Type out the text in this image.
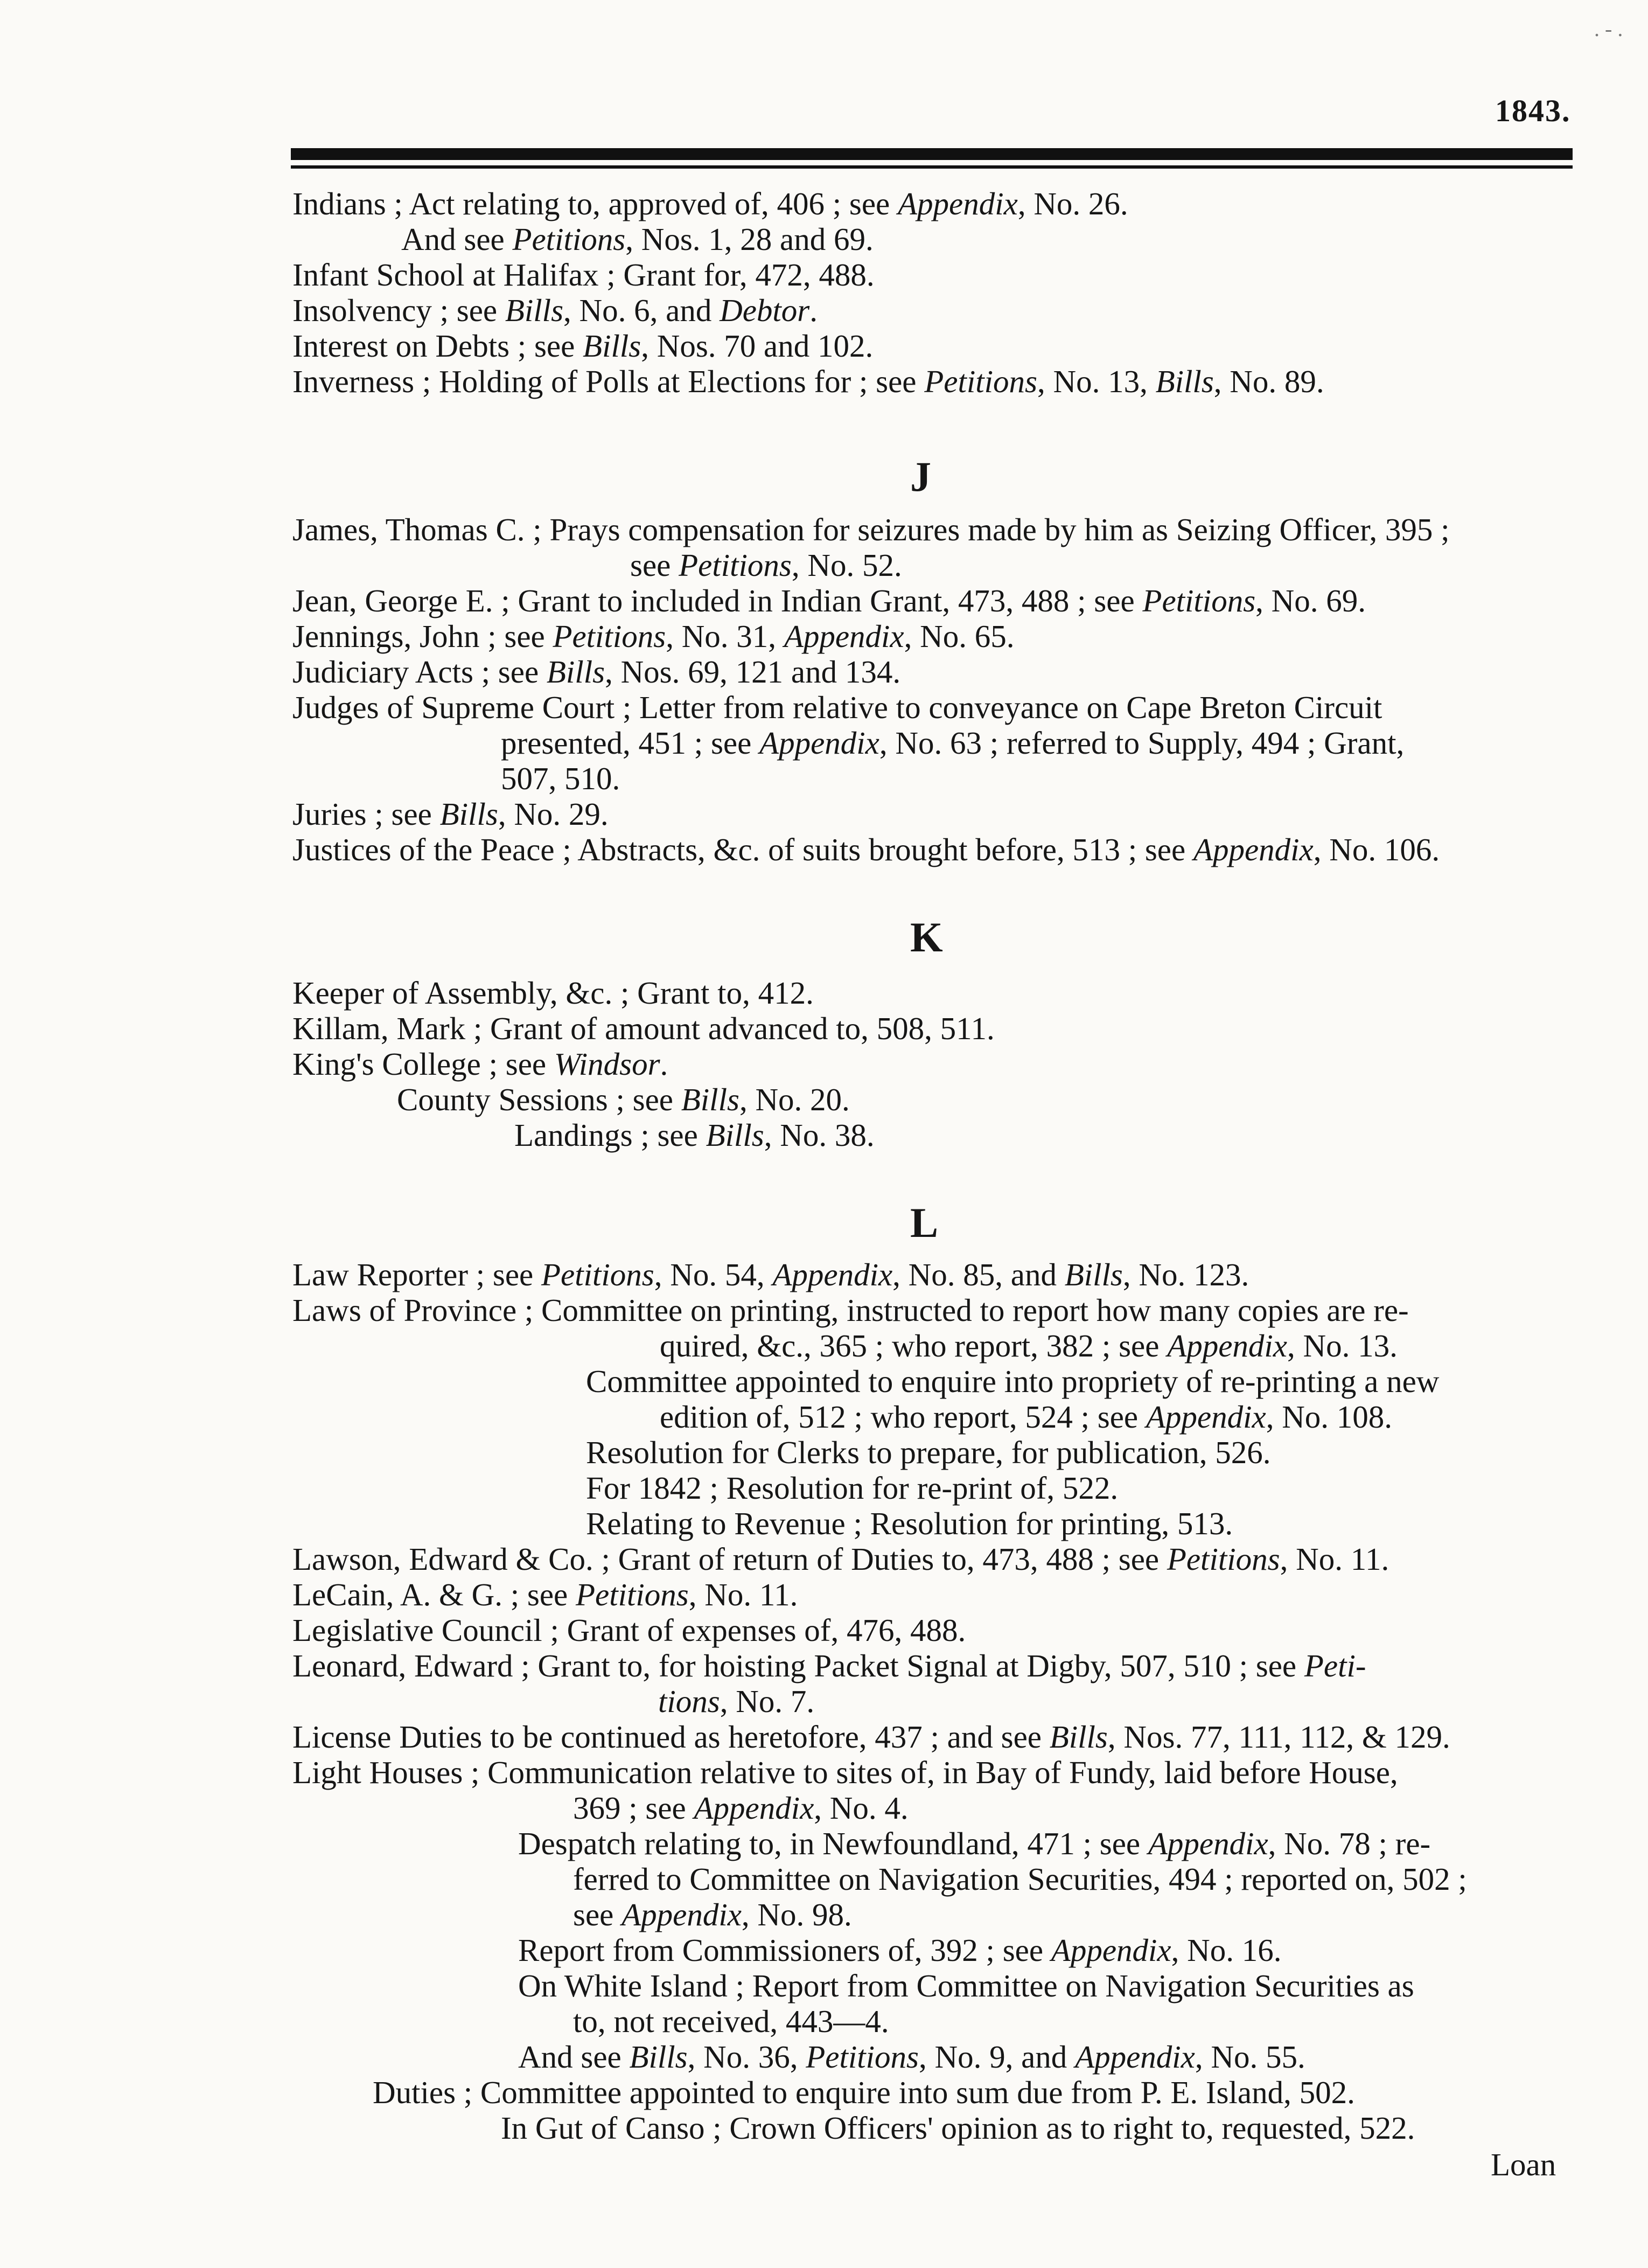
1843.
Indians ; Act relating to, approved of, 406 ; see Appendix, No. 26.
And see Petitions, Nos. 1, 28 and 69.
Infant School at Halifax ; Grant for, 472, 488.
Insolvency ; see Bills, No. 6, and Debtor.
Interest on Debts ; see Bills, Nos. 70 and 102.
Inverness ; Holding of Polls at Elections for ; see Petitions, No. 13, Bills, No. 89.
J
James, Thomas C. ; Prays compensation for seizures made by him as Seizing Officer, 395 ;
see Petitions, No. 52.
Jean, George E. ; Grant to included in Indian Grant, 473, 488 ; see Petitions, No. 69.
Jennings, John ; see Petitions, No. 31, Appendix, No. 65.
Judiciary Acts ; see Bills, Nos. 69, 121 and 134.
Judges of Supreme Court ; Letter from relative to conveyance on Cape Breton Circuit
presented, 451 ; see Appendix, No. 63 ; referred to Supply, 494 ; Grant,
507, 510.
Juries ; see Bills, No. 29.
Justices of the Peace ; Abstracts, &c. of suits brought before, 513 ; see Appendix, No. 106.
K
Keeper of Assembly, &c. ; Grant to, 412.
Killam, Mark ; Grant of amount advanced to, 508, 511.
King's College ; see Windsor.
County Sessions ; see Bills, No. 20.
Landings ; see Bills, No. 38.
L
Law Reporter ; see Petitions, No. 54, Appendix, No. 85, and Bills, No. 123.
Laws of Province ; Committee on printing, instructed to report how many copies are re-
quired, &c., 365 ; who report, 382 ; see Appendix, No. 13.
Committee appointed to enquire into propriety of re-printing a new
edition of, 512 ; who report, 524 ; see Appendix, No. 108.
Resolution for Clerks to prepare, for publication, 526.
For 1842 ; Resolution for re-print of, 522.
Relating to Revenue ; Resolution for printing, 513.
Lawson, Edward & Co. ; Grant of return of Duties to, 473, 488 ; see Petitions, No. 11.
LeCain, A. & G. ; see Petitions, No. 11.
Legislative Council ; Grant of expenses of, 476, 488.
Leonard, Edward ; Grant to, for hoisting Packet Signal at Digby, 507, 510 ; see Peti-
tions, No. 7.
License Duties to be continued as heretofore, 437 ; and see Bills, Nos. 77, 111, 112, & 129.
Light Houses ; Communication relative to sites of, in Bay of Fundy, laid before House,
369 ; see Appendix, No. 4.
Despatch relating to, in Newfoundland, 471 ; see Appendix, No. 78 ; re-
ferred to Committee on Navigation Securities, 494 ; reported on, 502 ;
see Appendix, No. 98.
Report from Commissioners of, 392 ; see Appendix, No. 16.
On White Island ; Report from Committee on Navigation Securities as
to, not received, 443—4.
And see Bills, No. 36, Petitions, No. 9, and Appendix, No. 55.
Duties ; Committee appointed to enquire into sum due from P. E. Island, 502.
In Gut of Canso ; Crown Officers' opinion as to right to, requested, 522.
Loan
. ‐ .
